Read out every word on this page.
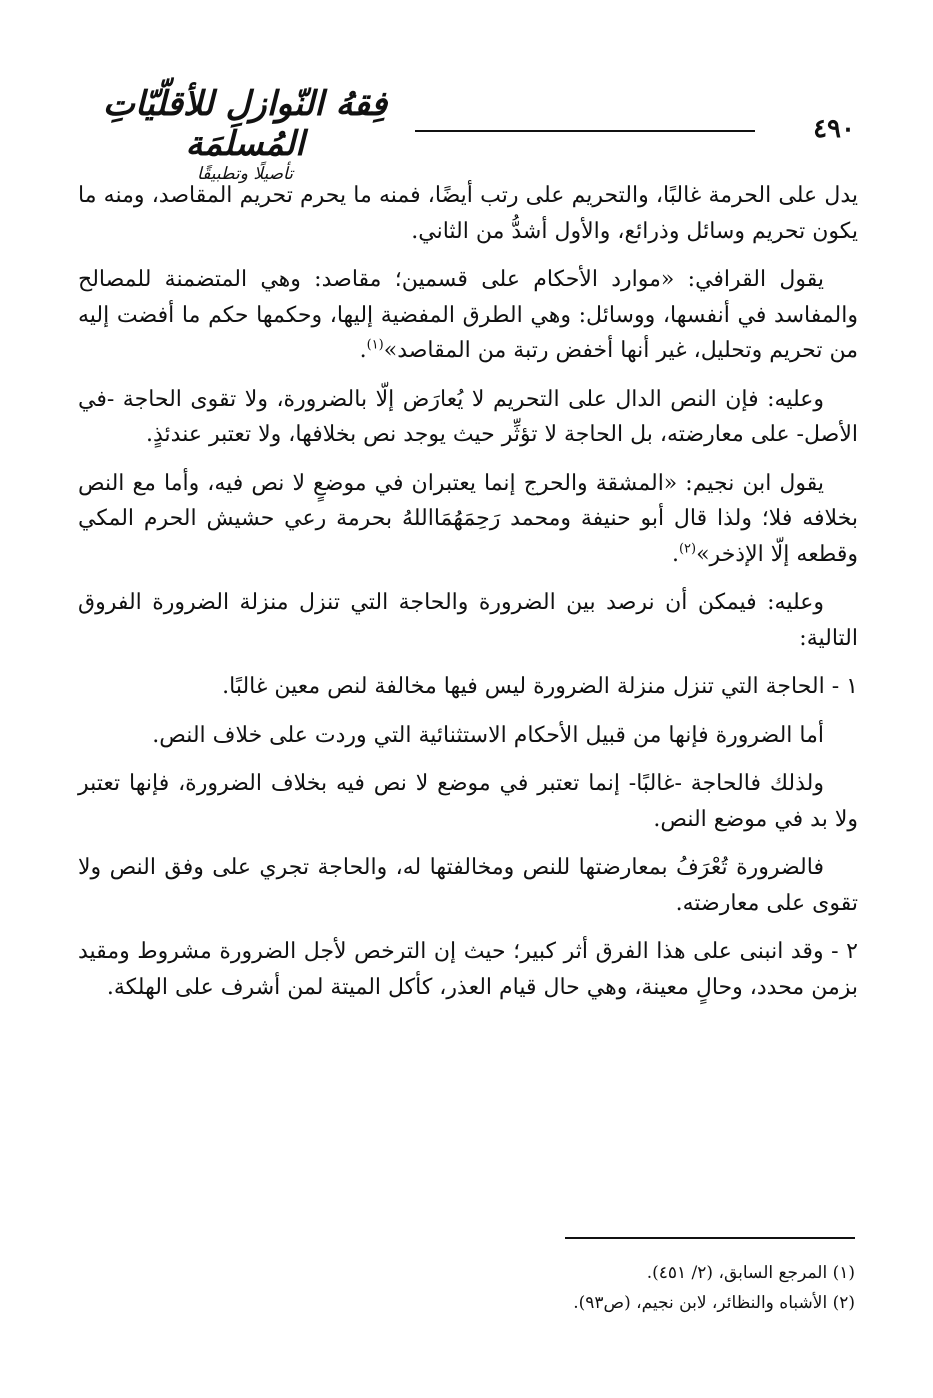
فِقهُ النّوازلِ للأقلّيّاتِ المُسلمَة
تأصيلًا وتطبيقًا
٤٩٠

يدل على الحرمة غالبًا، والتحريم على رتب أيضًا، فمنه ما يحرم تحريم المقاصد، ومنه ما يكون تحريم وسائل وذرائع، والأول أشدُّ من الثاني.

يقول القرافي: «موارد الأحكام على قسمين؛ مقاصد: وهي المتضمنة للمصالح والمفاسد في أنفسها، ووسائل: وهي الطرق المفضية إليها، وحكمها حكم ما أفضت إليه من تحريم وتحليل، غير أنها أخفض رتبة من المقاصد»$^{(١)}$.

وعليه: فإن النص الدال على التحريم لا يُعارَض إلّا بالضرورة، ولا تقوى الحاجة -في الأصل- على معارضته، بل الحاجة لا تؤثِّر حيث يوجد نص بخلافها، ولا تعتبر عندئذٍ.

يقول ابن نجيم: «المشقة والحرج إنما يعتبران في موضعٍ لا نص فيه، وأما مع النص بخلافه فلا؛ ولذا قال أبو حنيفة ومحمد رَحِمَهُمَااللهُ بحرمة رعي حشيش الحرم المكي وقطعه إلّا الإذخر»$^{(٢)}$.

وعليه: فيمكن أن نرصد بين الضرورة والحاجة التي تنزل منزلة الضرورة الفروق التالية:

١ - الحاجة التي تنزل منزلة الضرورة ليس فيها مخالفة لنص معين غالبًا.

أما الضرورة فإنها من قبيل الأحكام الاستثنائية التي وردت على خلاف النص.

ولذلك فالحاجة -غالبًا- إنما تعتبر في موضع لا نص فيه بخلاف الضرورة، فإنها تعتبر ولا بد في موضع النص.

فالضرورة تُعْرَفُ بمعارضتها للنص ومخالفتها له، والحاجة تجري على وفق النص ولا تقوى على معارضته.

٢ - وقد انبنى على هذا الفرق أثر كبير؛ حيث إن الترخص لأجل الضرورة مشروط ومقيد بزمن محدد، وحالٍ معينة، وهي حال قيام العذر، كأكل الميتة لمن أشرف على الهلكة.

(١) المرجع السابق، (٢/ ٤٥١).
(٢) الأشباه والنظائر، لابن نجيم، (ص٩٣).
